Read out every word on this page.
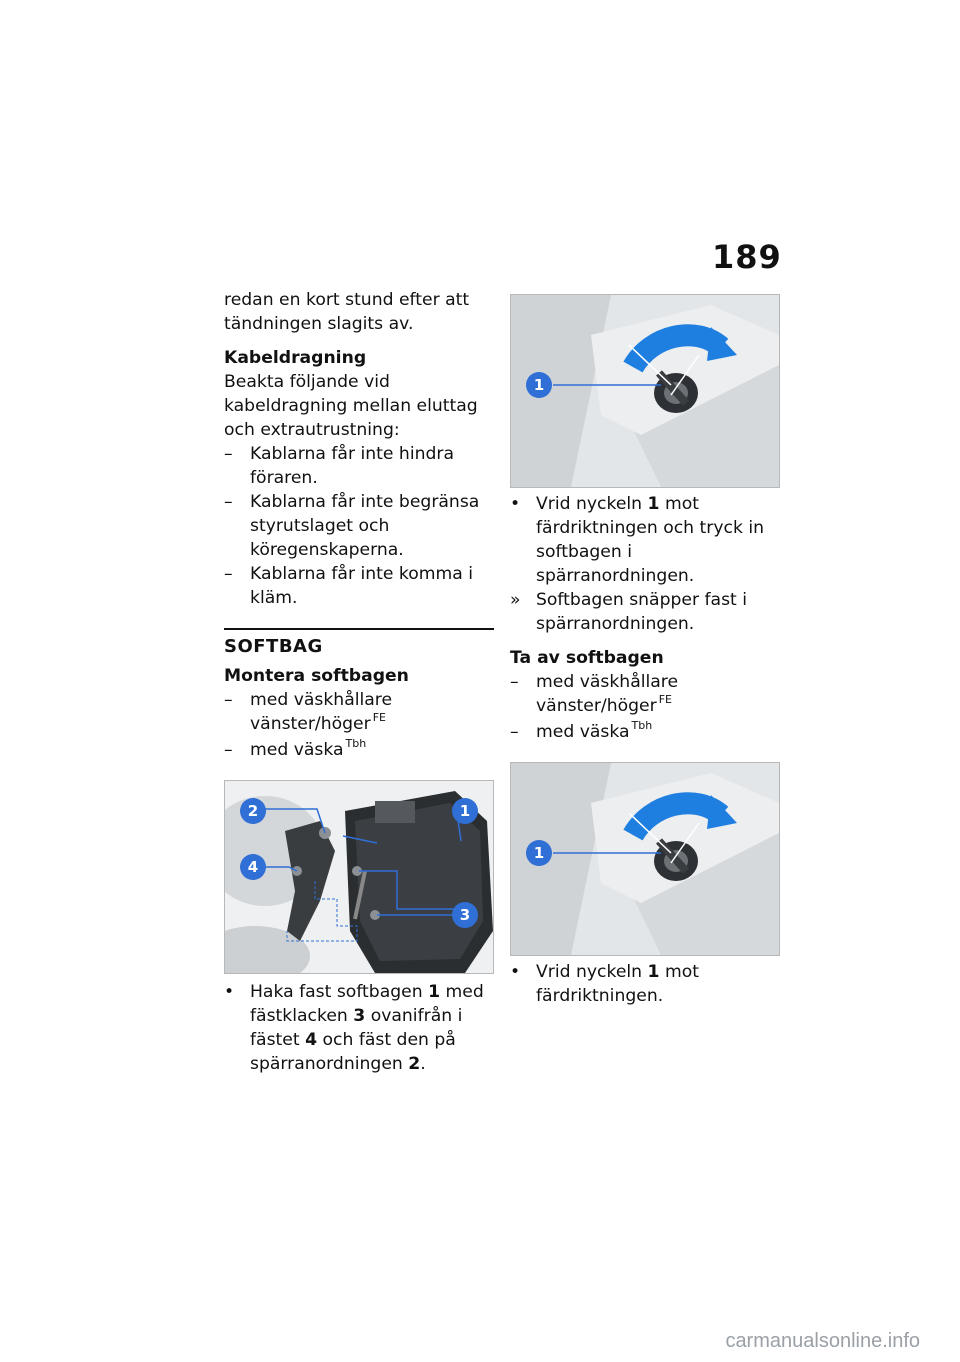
189

redan en kort stund efter att tändningen slagits av.

Kabeldragning

Beakta följande vid kabeldragning mellan eluttag och extrautrustning:

–	Kablarna får inte hindra föraren.
–	Kablarna får inte begränsa styrutslaget och köregenskaperna.
–	Kablarna får inte komma i kläm.
SOFTBAG

Montera softbagen

–	med väskhållare vänster/höger $^{FE}$
–	med väska $^{Tbh}$
2	1
4
3
• Haka fast softbagen 1 med fästklacken 3 ovanifrån i fästet 4 och fäst den på spärranordningen 2.
1
• Vrid nyckeln 1 mot färdriktningen och tryck in softbagen i spärranordningen.
» Softbagen snäpper fast i spärranordningen.

Ta av softbagen

–	med väskhållare vänster/höger $^{FE}$
–	med väska $^{Tbh}$
1
• Vrid nyckeln 1 mot färdriktningen.
carmanualsonline.info
